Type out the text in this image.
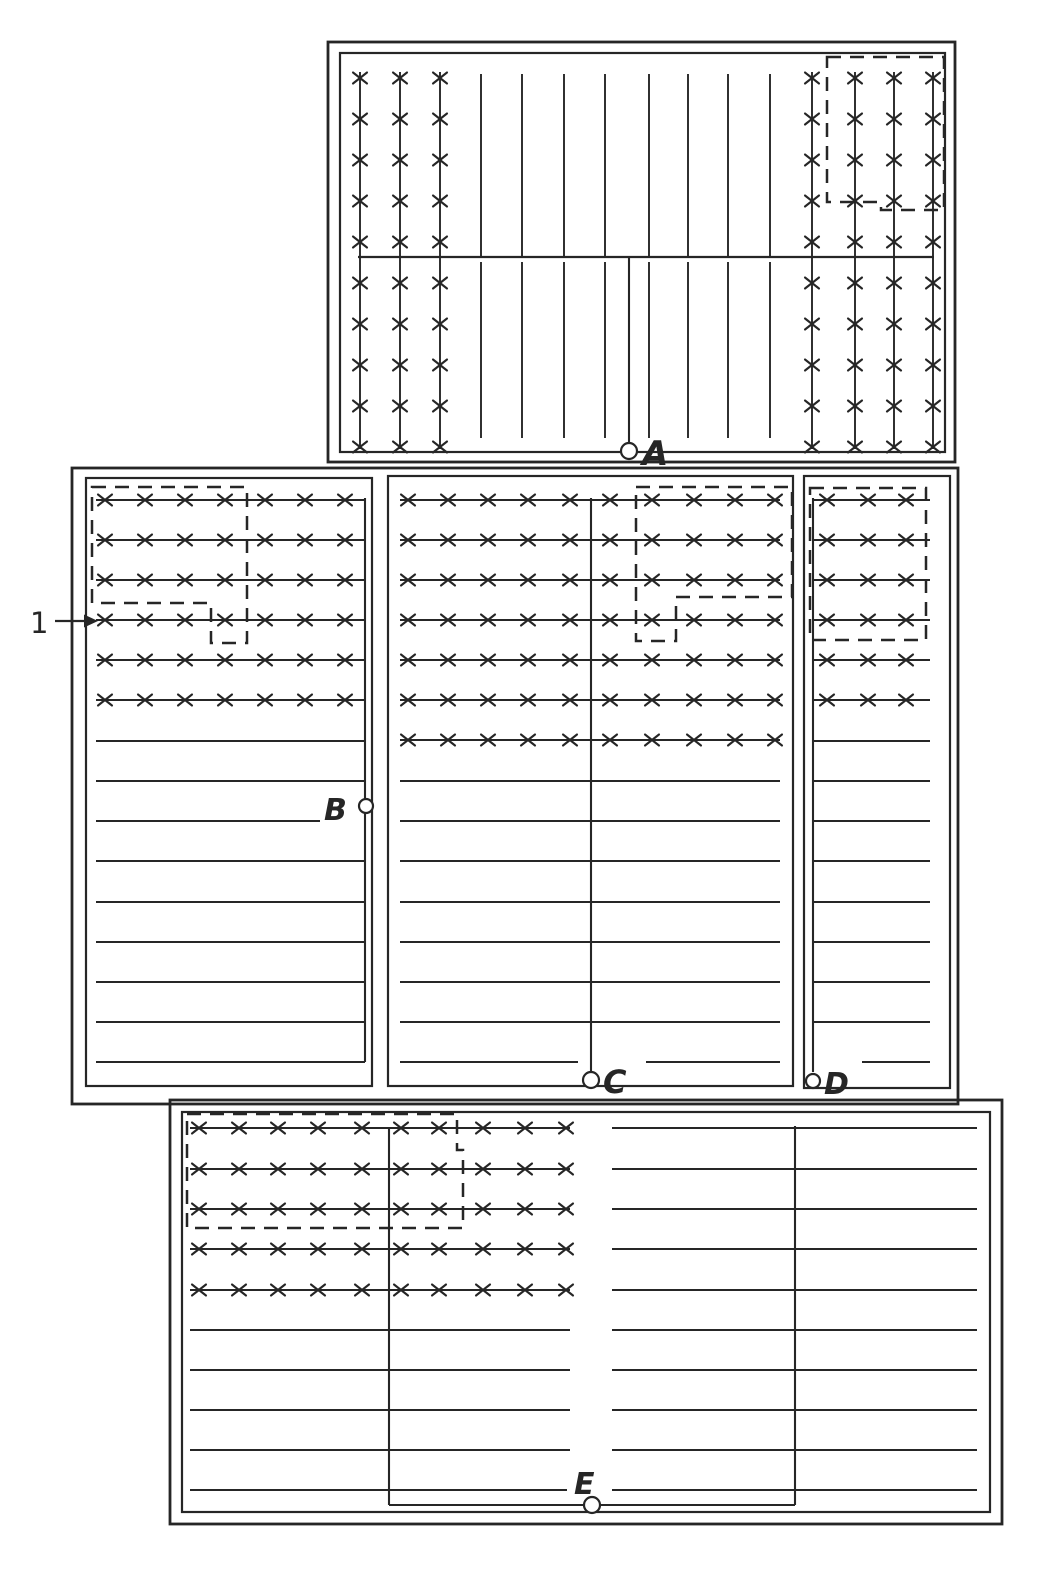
A
B
1
C	D
E
